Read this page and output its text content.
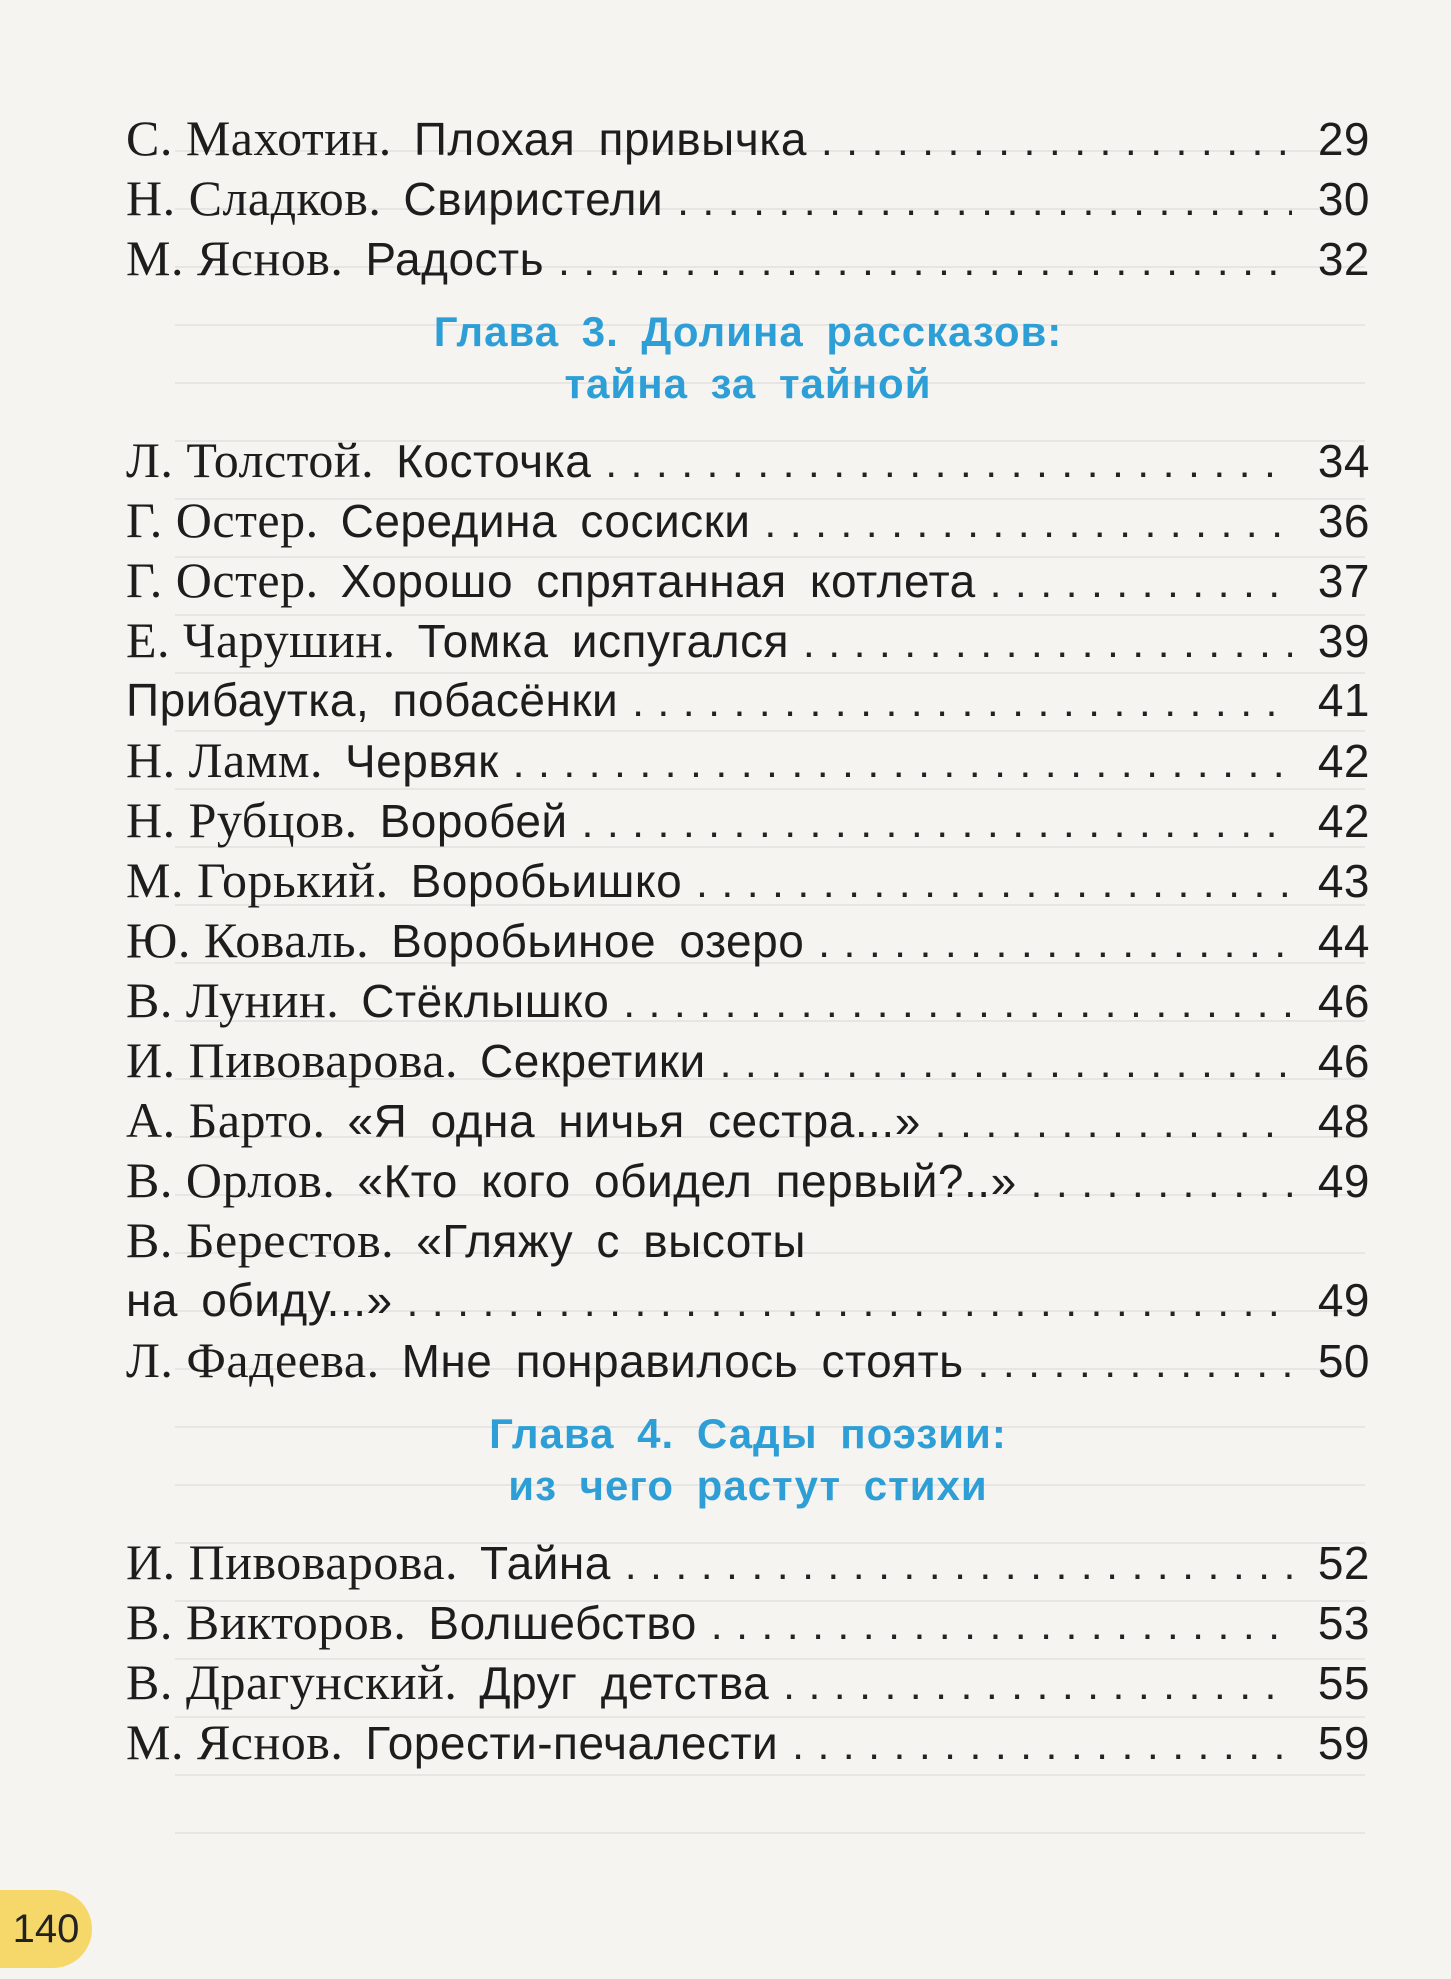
С. Махотин. Плохая привычка . . .	29
Н. Сладков. Свиристели . . .	30
М. Яснов. Радость . . .	32
Глава 3. Долина рассказов:
тайна за тайной
Л. Толстой. Косточка . . .	34
Г. Остер. Середина сосиски . . .	36
Г. Остер. Хорошо спрятанная котлета . . .	37
Е. Чарушин. Томка испугался . . .	39
Прибаутка, побасёнки . . .	41
Н. Ламм. Червяк . . .	42
Н. Рубцов. Воробей . . .	42
М. Горький. Воробьишко . . .	43
Ю. Коваль. Воробьиное озеро . . .	44
В. Лунин. Стёклышко . . .	46
И. Пивоварова. Секретики . . .	46
А. Барто. «Я одна ничья сестра...» . . .	48
В. Орлов. «Кто кого обидел первый?..» . . .	49
В. Берестов. «Гляжу с высоты
на обиду...» . . .	49
Л. Фадеева. Мне понравилось стоять . . .	50
Глава 4. Сады поэзии:
из чего растут стихи
И. Пивоварова. Тайна . . .	52
В. Викторов. Волшебство . . .	53
В. Драгунский. Друг детства . . .	55
М. Яснов. Горести-печалести . . .	59
140
